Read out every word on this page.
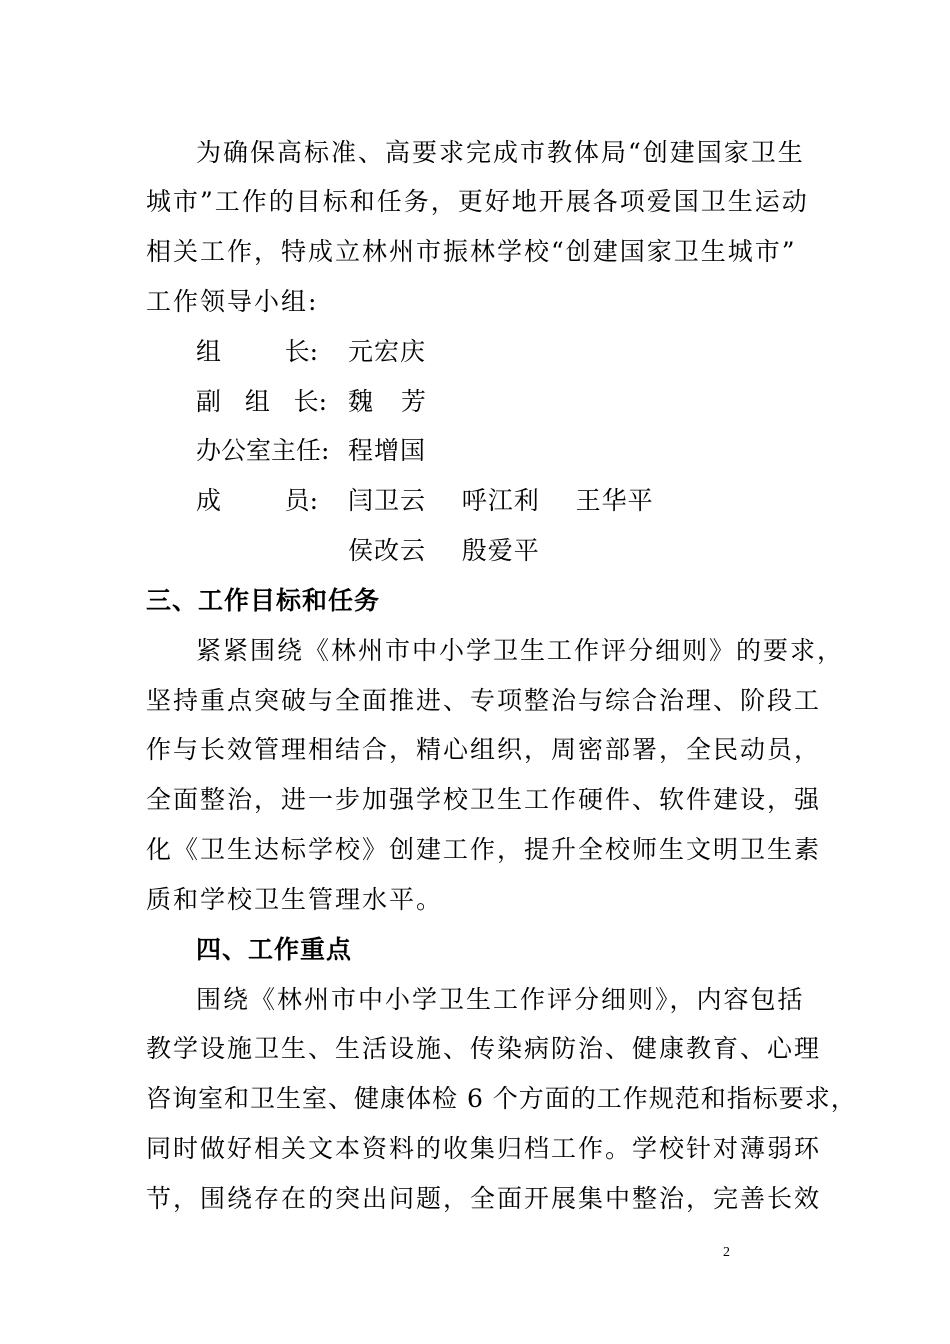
为确保高标准、高要求完成市教体局“创建国家卫生
城市”工作的目标和任务，更好地开展各项爱国卫生运动
相关工作，特成立林州市振林学校“创建国家卫生城市”
工作领导小组:
组        长: 元宏庆
副   组   长: 魏   芳
办公室主任: 程增国
成        员: 闫卫云    呼江利    王华平
侯改云    殷爱平
三、工作目标和任务
紧紧围绕《林州市中小学卫生工作评分细则》的要求，
坚持重点突破与全面推进、专项整治与综合治理、阶段工
作与长效管理相结合，精心组织，周密部署，全民动员，
全面整治，进一步加强学校卫生工作硬件、软件建设，强
化《卫生达标学校》创建工作，提升全校师生文明卫生素
质和学校卫生管理水平。
四、工作重点
围绕《林州市中小学卫生工作评分细则》，内容包括
教学设施卫生、生活设施、传染病防治、健康教育、心理
咨询室和卫生室、健康体检 6 个方面的工作规范和指标要求，
同时做好相关文本资料的收集归档工作。学校针对薄弱环
节，围绕存在的突出问题，全面开展集中整治，完善长效
2
